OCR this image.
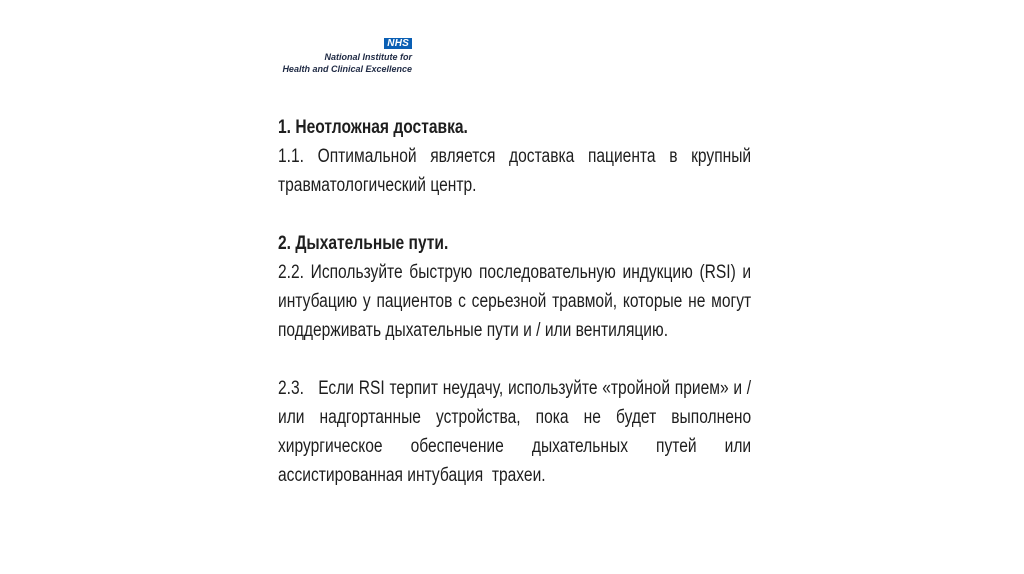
NHS
National Institute for
Health and Clinical Excellence
1. Неотложная доставка.
1.1. Оптимальной является доставка пациента в крупный травматологический центр.
2. Дыхательные пути.
2.2. Используйте быструю последовательную индукцию (RSI) и интубацию у пациентов с серьезной травмой, которые не могут поддерживать дыхательные пути и / или вентиляцию.
2.3.   Если RSI терпит неудачу, используйте «тройной прием» и / или надгортанные устройства, пока не будет выполнено хирургическое обеспечение дыхательных путей или ассистированная интубация  трахеи.
